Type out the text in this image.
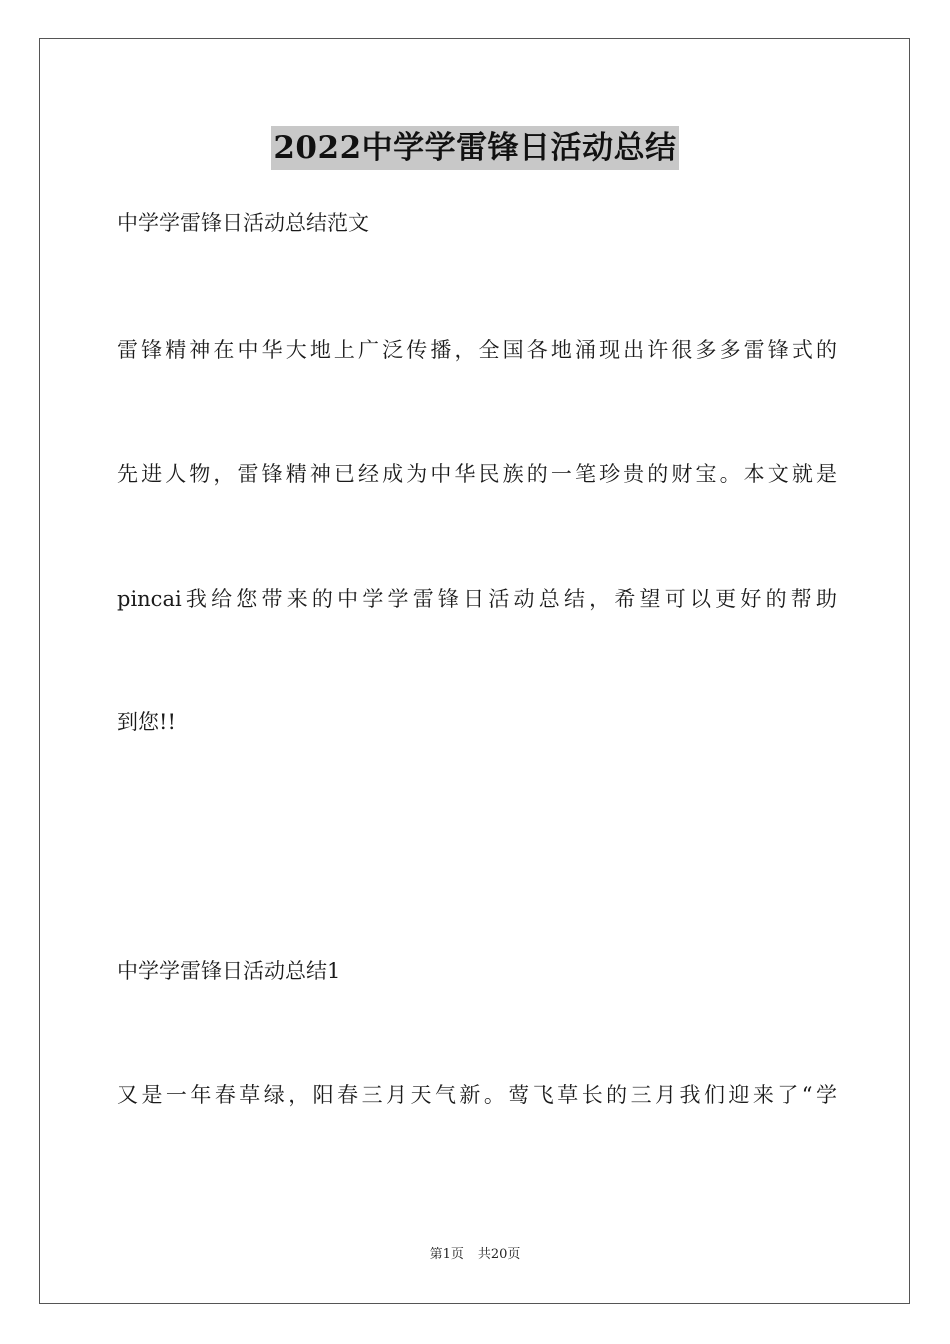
2022中学学雷锋日活动总结
中学学雷锋日活动总结范文
雷锋精神在中华大地上广泛传播，全国各地涌现出许很多多雷锋式的
先进人物，雷锋精神已经成为中华民族的一笔珍贵的财宝。本文就是
pincai我给您带来的中学学雷锋日活动总结，希望可以更好的帮助
到您!!
中学学雷锋日活动总结1
又是一年春草绿，阳春三月天气新。莺飞草长的三月我们迎来了“学
第1页 共20页
